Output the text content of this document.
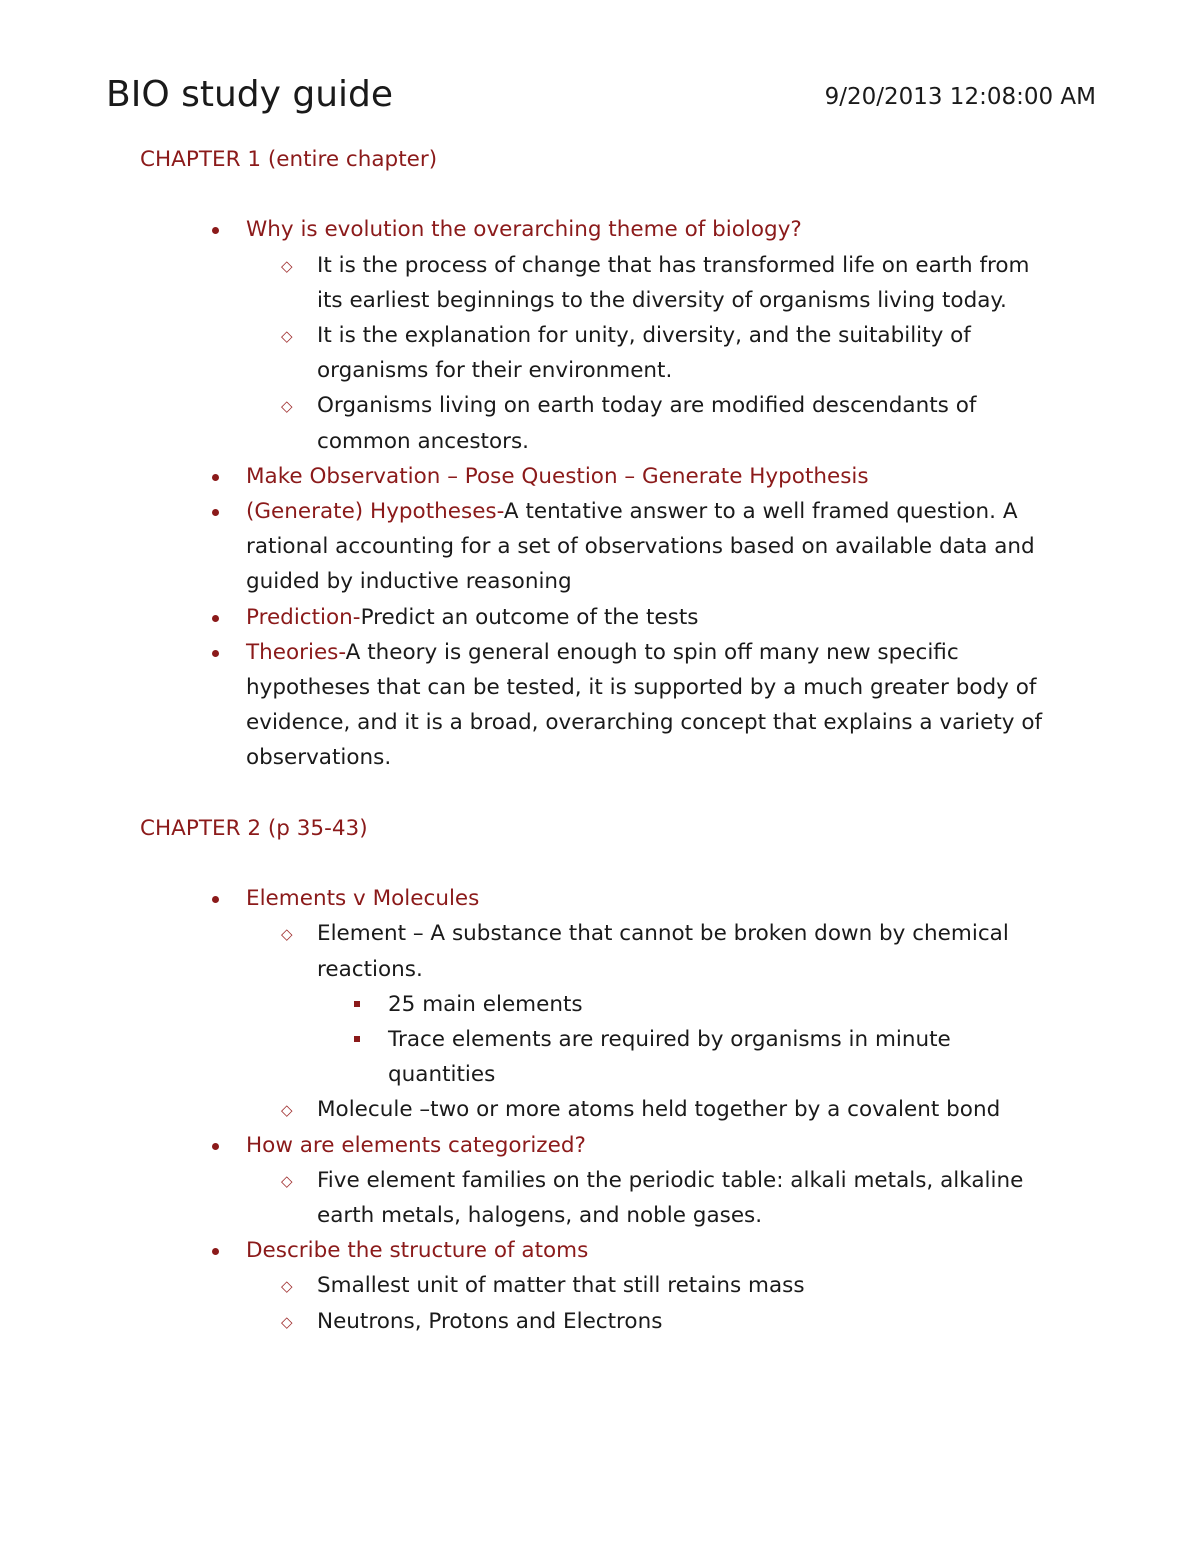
BIO study guide	9/20/2013 12:08:00 AM
CHAPTER 1 (entire chapter)
Why is evolution the overarching theme of biology?
◇ It is the process of change that has transformed life on earth from its earliest beginnings to the diversity of organisms living today.
◇ It is the explanation for unity, diversity, and the suitability of organisms for their environment.
◇ Organisms living on earth today are modified descendants of common ancestors.
Make Observation – Pose Question – Generate Hypothesis
(Generate) Hypotheses-A tentative answer to a well framed question. A rational accounting for a set of observations based on available data and guided by inductive reasoning
Prediction-Predict an outcome of the tests
Theories-A theory is general enough to spin off many new specific hypotheses that can be tested, it is supported by a much greater body of evidence, and it is a broad, overarching concept that explains a variety of observations.
CHAPTER 2 (p 35-43)
Elements v Molecules
◇ Element – A substance that cannot be broken down by chemical reactions.
25 main elements
Trace elements are required by organisms in minute quantities
◇ Molecule –two or more atoms held together by a covalent bond
How are elements categorized?
◇ Five element families on the periodic table: alkali metals, alkaline earth metals, halogens, and noble gases.
Describe the structure of atoms
◇ Smallest unit of matter that still retains mass
◇ Neutrons, Protons and Electrons
